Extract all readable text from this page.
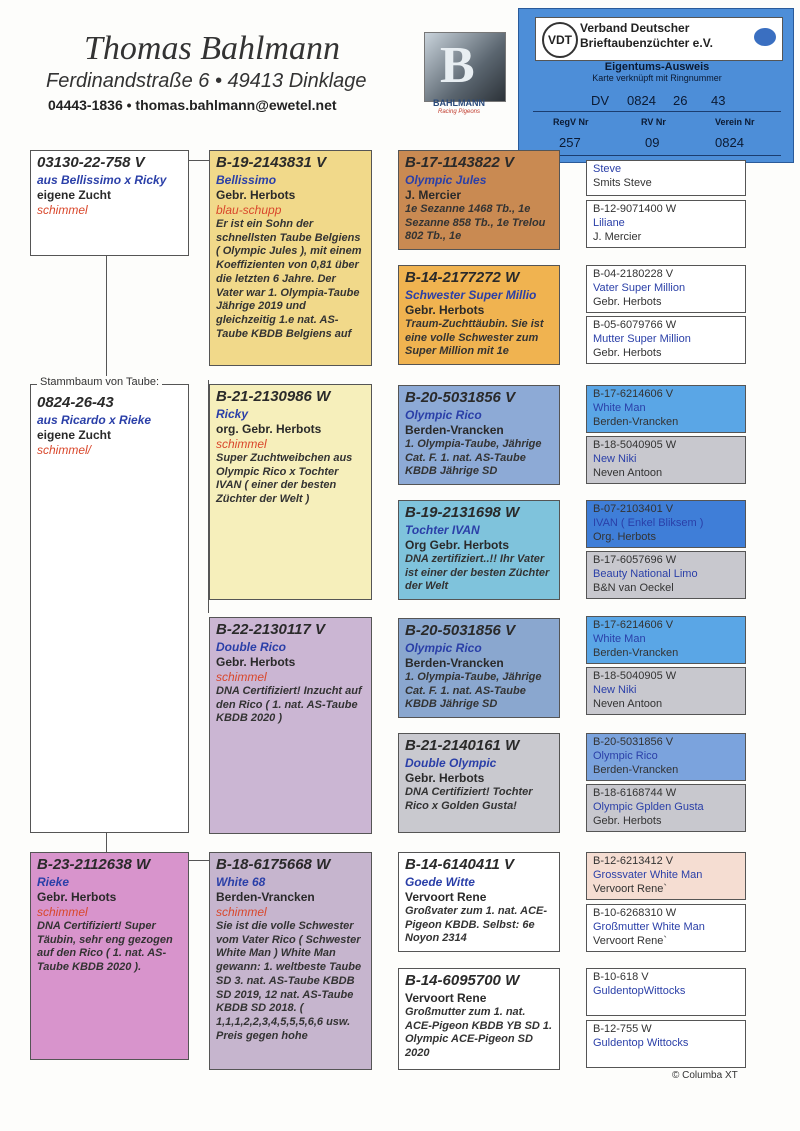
Thomas Bahlmann
Ferdinandstraße 6 • 49413 Dinklage
04443-1836 • thomas.bahlmann@ewetel.net
B
BAHLMANN
Racing Pigeons
VDT
Verband Deutscher
Brieftaubenzüchter e.V.
Eigentums-Ausweis
Karte verknüpft mit Ringnummer
DV 0824 26 43
RegV Nr	RV Nr	Verein Nr
257	09	0824
03130-22-758 V
aus Bellissimo x Ricky
eigene Zucht
schimmel
Stammbaum von Taube:
0824-26-43
aus Ricardo x Rieke
eigene Zucht
schimmel/
B-23-2112638 W
Rieke
Gebr. Herbots
schimmel
DNA Certifiziert! Super Täubin, sehr eng gezogen auf den Rico ( 1. nat. AS-Taube KBDB 2020 ).
B-19-2143831 V
Bellissimo
Gebr. Herbots
blau-schupp
Er ist ein Sohn der schnellsten Taube Belgiens ( Olympic Jules ), mit einem Koeffizienten von 0,81 über die letzten 6 Jahre. Der Vater war 1. Olympia-Taube Jährige 2019 und gleichzeitig 1.e nat. AS-Taube KBDB Belgiens auf
B-21-2130986 W
Ricky
org. Gebr. Herbots
schimmel
Super Zuchtweibchen aus Olympic Rico x Tochter IVAN ( einer der besten Züchter der Welt )
B-22-2130117 V
Double Rico
Gebr. Herbots
schimmel
DNA Certifiziert! Inzucht auf den Rico ( 1. nat. AS-Taube KBDB 2020 )
B-18-6175668 W
White 68
Berden-Vrancken
schimmel
Sie ist die volle Schwester vom Vater Rico ( Schwester White Man ) White Man gewann: 1. weltbeste Taube SD 3. nat. AS-Taube KBDB SD 2019, 12 nat. AS-Taube KBDB SD 2018. ( 1,1,1,2,2,3,4,5,5,5,6,6 usw. Preis gegen hohe
B-17-1143822 V
Olympic Jules
J. Mercier
1e Sezanne 1468 Tb., 1e Sezanne 858 Tb., 1e Trelou 802 Tb., 1e
B-14-2177272 W
Schwester Super Millio
Gebr. Herbots
Traum-Zuchttäubin. Sie ist eine volle Schwester zum Super Million mit 1e
B-20-5031856 V
Olympic Rico
Berden-Vrancken
1. Olympia-Taube, Jährige Cat. F. 1. nat. AS-Taube KBDB Jährige SD
B-19-2131698 W
Tochter IVAN
Org Gebr. Herbots
DNA zertifiziert..!! Ihr Vater ist einer der besten Züchter der Welt
B-20-5031856 V
Olympic Rico
Berden-Vrancken
1. Olympia-Taube, Jährige Cat. F. 1. nat. AS-Taube KBDB Jährige SD
B-21-2140161 W
Double Olympic
Gebr. Herbots
DNA Certifiziert! Tochter Rico x Golden Gusta!
B-14-6140411 V
Goede Witte
Vervoort Rene
Großvater zum 1. nat. ACE-Pigeon KBDB. Selbst: 6e Noyon 2314
B-14-6095700 W
Vervoort Rene
Großmutter zum 1. nat. ACE-Pigeon KBDB YB SD 1. Olympic ACE-Pigeon SD 2020
Steve
Smits Steve
B-12-9071400 W
Liliane
J. Mercier
B-04-2180228 V
Vater Super Million
Gebr. Herbots
B-05-6079766 W
Mutter Super Million
Gebr. Herbots
B-17-6214606 V
White Man
Berden-Vrancken
B-18-5040905 W
New Niki
Neven Antoon
B-07-2103401 V
IVAN ( Enkel Bliksem )
Org. Herbots
B-17-6057696 W
Beauty National Limo
B&N van Oeckel
B-17-6214606 V
White Man
Berden-Vrancken
B-18-5040905 W
New Niki
Neven Antoon
B-20-5031856 V
Olympic Rico
Berden-Vrancken
B-18-6168744 W
Olympic Gplden Gusta
Gebr. Herbots
B-12-6213412 V
Grossvater White Man
Vervoort Rene`
B-10-6268310 W
Großmutter White Man
Vervoort Rene`
B-10-618 V
GuldentopWittocks
B-12-755 W
Guldentop Wittocks
© Columba XT
